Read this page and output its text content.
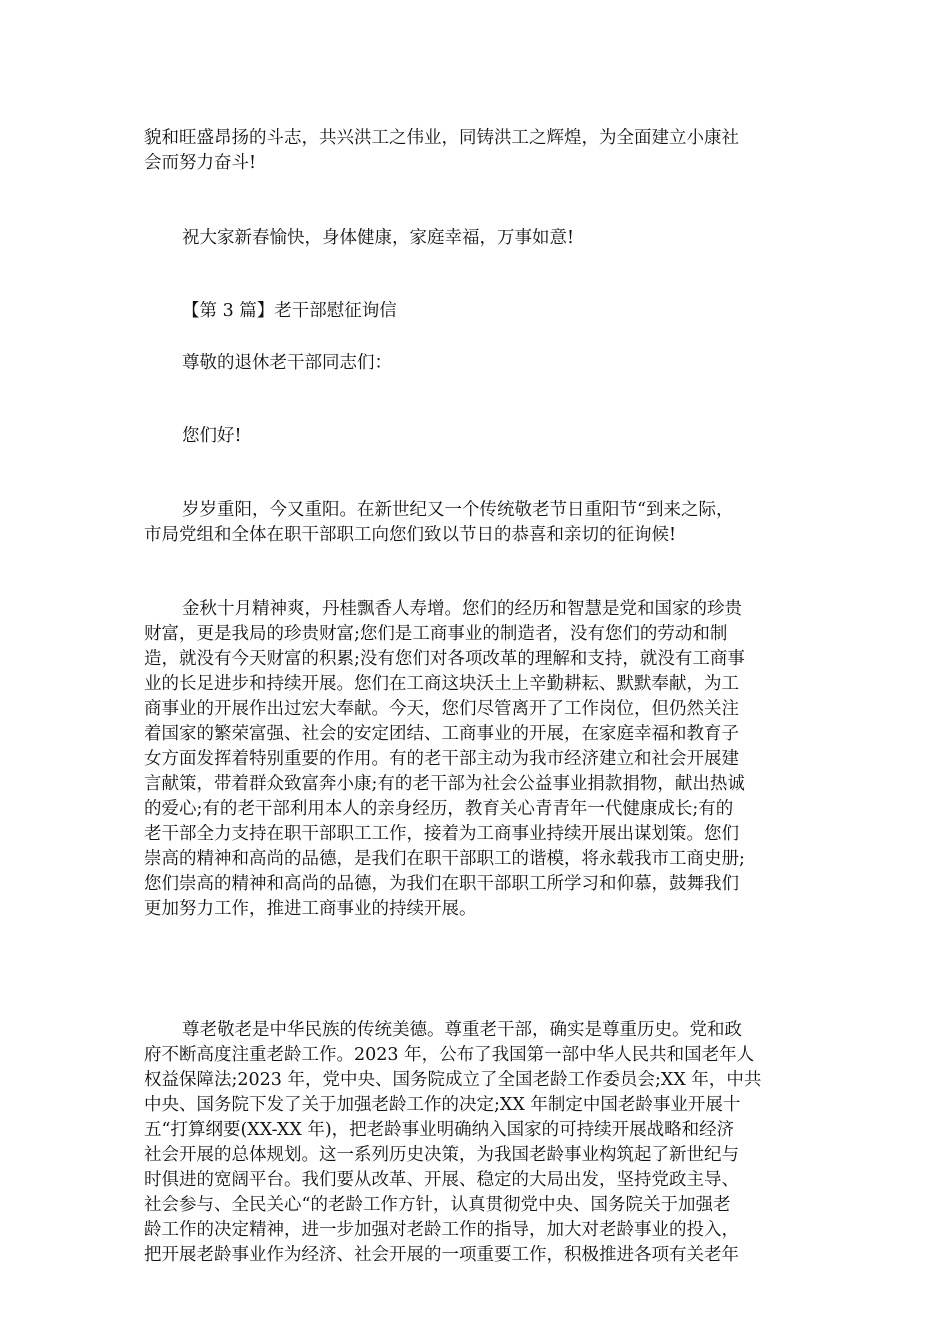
貌和旺盛昂扬的斗志，共兴洪工之伟业，同铸洪工之辉煌，为全面建立小康社
会而努力奋斗!
祝大家新春愉快，身体健康，家庭幸福，万事如意!
【第 3 篇】老干部慰征询信
尊敬的退休老干部同志们：
您们好!
岁岁重阳，今又重阳。在新世纪又一个传统敬老节日重阳节“到来之际，
市局党组和全体在职干部职工向您们致以节日的恭喜和亲切的征询候!
金秋十月精神爽，丹桂飘香人寿增。您们的经历和智慧是党和国家的珍贵
财富，更是我局的珍贵财富;您们是工商事业的制造者，没有您们的劳动和制
造，就没有今天财富的积累;没有您们对各项改革的理解和支持，就没有工商事
业的长足进步和持续开展。您们在工商这块沃土上辛勤耕耘、默默奉献，为工
商事业的开展作出过宏大奉献。今天，您们尽管离开了工作岗位，但仍然关注
着国家的繁荣富强、社会的安定团结、工商事业的开展，在家庭幸福和教育子
女方面发挥着特别重要的作用。有的老干部主动为我市经济建立和社会开展建
言献策，带着群众致富奔小康;有的老干部为社会公益事业捐款捐物，献出热诚
的爱心;有的老干部利用本人的亲身经历，教育关心青青年一代健康成长;有的
老干部全力支持在职干部职工工作，接着为工商事业持续开展出谋划策。您们
崇高的精神和高尚的品德，是我们在职干部职工的谐模，将永载我市工商史册;
您们崇高的精神和高尚的品德，为我们在职干部职工所学习和仰慕，鼓舞我们
更加努力工作，推进工商事业的持续开展。
尊老敬老是中华民族的传统美德。尊重老干部，确实是尊重历史。党和政
府不断高度注重老龄工作。2023 年，公布了我国第一部中华人民共和国老年人
权益保障法;2023 年，党中央、国务院成立了全国老龄工作委员会;XX 年，中共
中央、国务院下发了关于加强老龄工作的决定;XX 年制定中国老龄事业开展十
五“打算纲要(XX-XX 年)，把老龄事业明确纳入国家的可持续开展战略和经济
社会开展的总体规划。这一系列历史决策，为我国老龄事业构筑起了新世纪与
时俱进的宽阔平台。我们要从改革、开展、稳定的大局出发，坚持党政主导、
社会参与、全民关心“的老龄工作方针，认真贯彻党中央、国务院关于加强老
龄工作的决定精神，进一步加强对老龄工作的指导，加大对老龄事业的投入，
把开展老龄事业作为经济、社会开展的一项重要工作，积极推进各项有关老年
